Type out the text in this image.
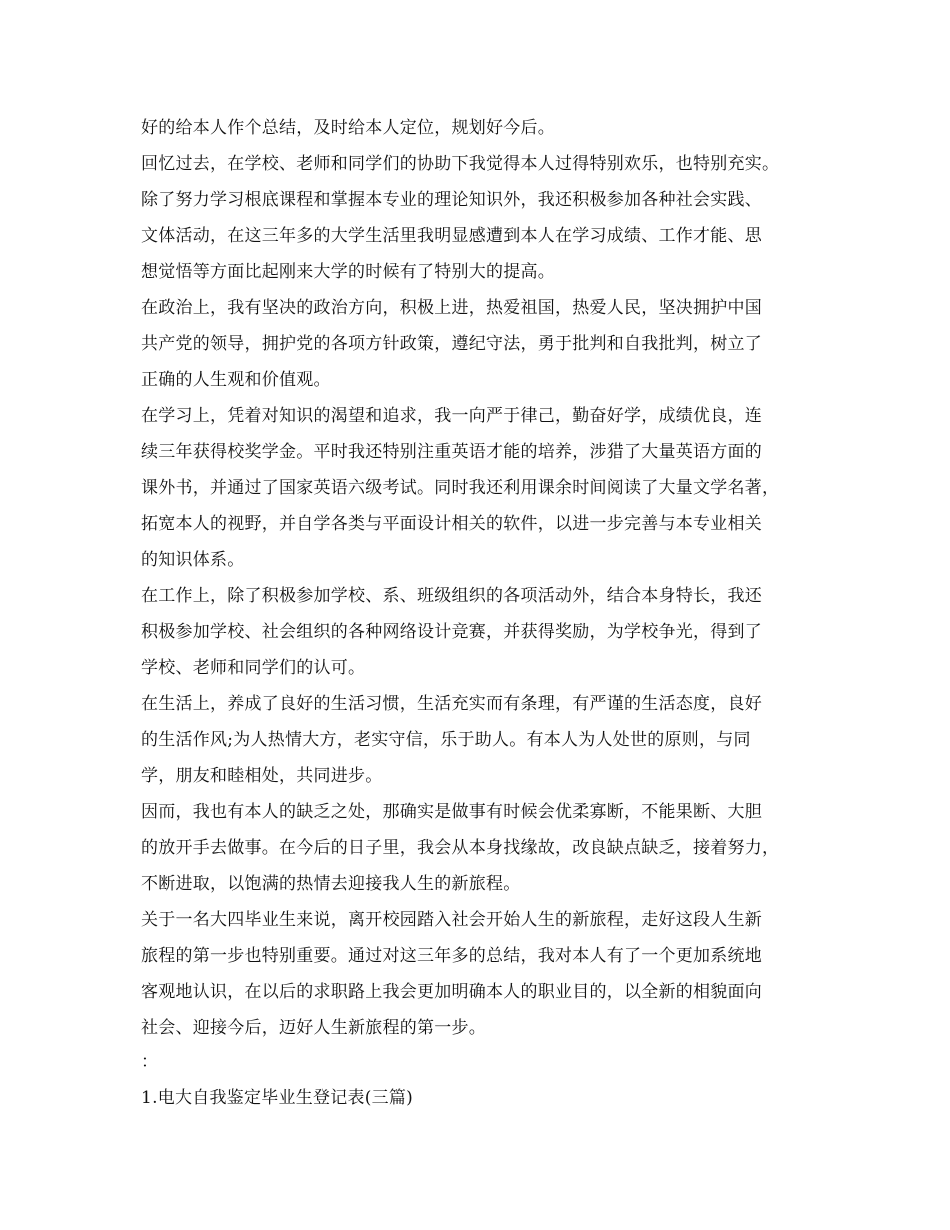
好的给本人作个总结，及时给本人定位，规划好今后。

回忆过去，在学校、老师和同学们的协助下我觉得本人过得特别欢乐，也特别充实。

除了努力学习根底课程和掌握本专业的理论知识外，我还积极参加各种社会实践、

文体活动，在这三年多的大学生活里我明显感遭到本人在学习成绩、工作才能、思

想觉悟等方面比起刚来大学的时候有了特别大的提高。

在政治上，我有坚决的政治方向，积极上进，热爱祖国，热爱人民，坚决拥护中国

共产党的领导，拥护党的各项方针政策，遵纪守法，勇于批判和自我批判，树立了

正确的人生观和价值观。

在学习上，凭着对知识的渴望和追求，我一向严于律己，勤奋好学，成绩优良，连

续三年获得校奖学金。平时我还特别注重英语才能的培养，涉猎了大量英语方面的

课外书，并通过了国家英语六级考试。同时我还利用课余时间阅读了大量文学名著，

拓宽本人的视野，并自学各类与平面设计相关的软件，以进一步完善与本专业相关

的知识体系。

在工作上，除了积极参加学校、系、班级组织的各项活动外，结合本身特长，我还

积极参加学校、社会组织的各种网络设计竞赛，并获得奖励，为学校争光，得到了

学校、老师和同学们的认可。

在生活上，养成了良好的生活习惯，生活充实而有条理，有严谨的生活态度，良好

的生活作风;为人热情大方，老实守信，乐于助人。有本人为人处世的原则，与同

学，朋友和睦相处，共同进步。

因而，我也有本人的缺乏之处，那确实是做事有时候会优柔寡断，不能果断、大胆

的放开手去做事。在今后的日子里，我会从本身找缘故，改良缺点缺乏，接着努力，

不断进取，以饱满的热情去迎接我人生的新旅程。

关于一名大四毕业生来说，离开校园踏入社会开始人生的新旅程，走好这段人生新

旅程的第一步也特别重要。通过对这三年多的总结，我对本人有了一个更加系统地

客观地认识，在以后的求职路上我会更加明确本人的职业目的，以全新的相貌面向

社会、迎接今后，迈好人生新旅程的第一步。

：

1.电大自我鉴定毕业生登记表(三篇)
